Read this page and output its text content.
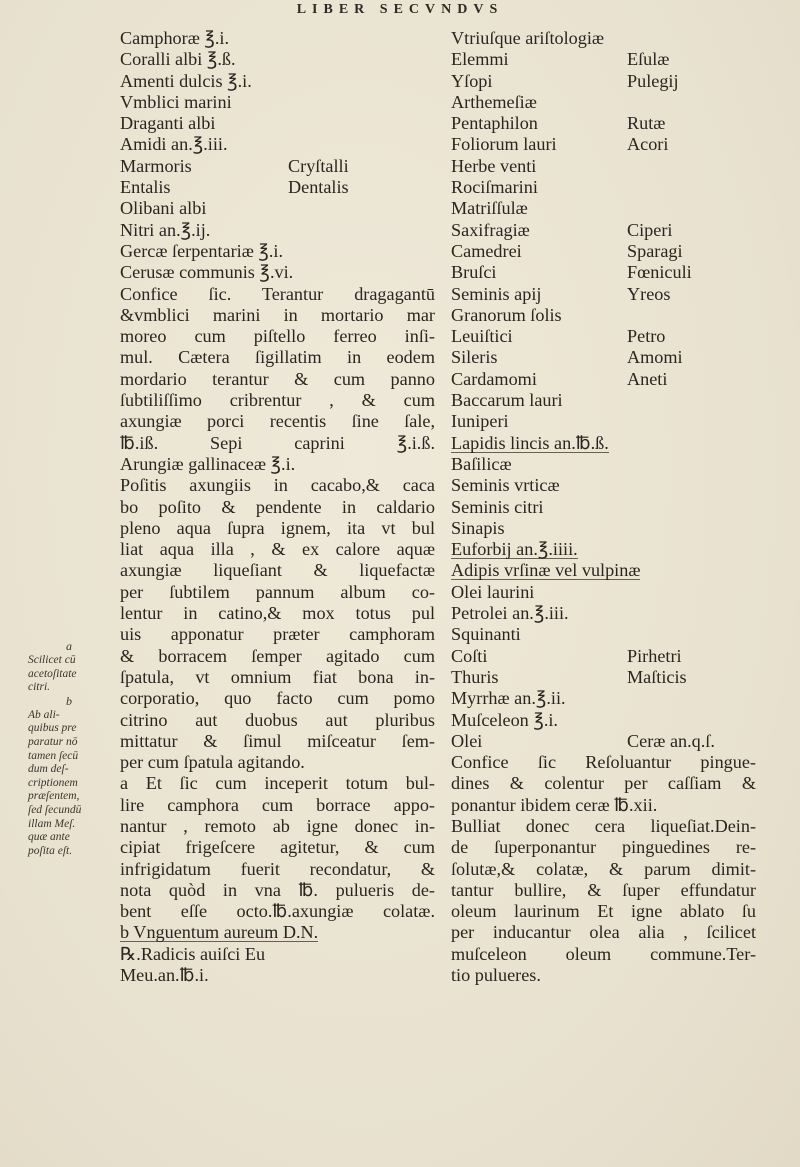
LIBER SECVNDVS
Camphoræ ℥.i.
Coralli albi ℥.ß.
Amenti dulcis ℥.i.
Vmblici marini
Draganti albi
Amidi an.℥.iii.
Marmoris	Cryſtalli
Entalis	Dentalis
Olibani albi
Nitri an.℥.ij.
Gercæ ſerpentariæ ℥.i.
Cerusæ communis ℥.vi.
Confice ſic. Terantur dragagantū
&vmblici marini in mortario mar
moreo cum piſtello ferreo inſi-
mul. Cætera ſigillatim in eodem
mordario terantur & cum panno
ſubtiliſſimo cribrentur , & cum
axungiæ porci recentis ſine ſale,
℔.iß. Sepi caprini ℥.i.ß.
Arungiæ gallinaceæ ℥.i.
Poſitis axungiis in cacabo,& caca
bo poſito & pendente in caldario
pleno aqua ſupra ignem, ita vt bul
liat aqua illa , & ex calore aquæ
axungiæ liqueſiant & liquefactæ
per ſubtilem pannum album co-
lentur in catino,& mox totus pul
uis apponatur præter camphoram
& borracem ſemper agitado cum
ſpatula, vt omnium fiat bona in-
corporatio, quo facto cum pomo
citrino aut duobus aut pluribus
mittatur & ſimul miſceatur ſem-
per cum ſpatula agitando.
a Et ſic cum inceperit totum bul-
lire camphora cum borrace appo-
nantur , remoto ab igne donec in-
cipiat frigeſcere agitetur, & cum
infrigidatum fuerit recondatur, &
nota quòd in vna ℔. pulueris de-
bent eſſe octo.℔.axungiæ colatæ.
b Vnguentum aureum D.N.
℞.Radicis auiſci Eu
Meu.an.℔.i.
Vtriuſque ariſtologiæ
Elemmi	Eſulæ
Yſopi	Pulegij
Arthemeſiæ
Pentaphilon	Rutæ
Foliorum lauri	Acori
Herbe venti
Rociſmarini
Matriſſulæ
Saxifragiæ	Ciperi
Camedrei	Sparagi
Bruſci	Fœniculi
Seminis apij	Yreos
Granorum ſolis
Leuiſtici	Petro
Sileris	Amomi
Cardamomi	Aneti
Baccarum lauri
Iuniperi
Lapidis lincis an.℔.ß.
Baſilicæ
Seminis vrticæ
Seminis citri
Sinapis
Euforbij an.℥.iiii.
Adipis vrſinæ vel vulpinæ
Olei laurini
Petrolei an.℥.iii.
Squinanti
Coſti	Pirhetri
Thuris	Maſticis
Myrrhæ an.℥.ii.
Muſceleon ℥.i.
Olei	Ceræ an.q.ſ.
Confice ſic Reſoluantur pingue-
dines & colentur per caſſiam &
ponantur ibidem ceræ ℔.xii.
Bulliat donec cera liqueſiat.Dein-
de ſuperponantur pinguedines re-
ſolutæ,& colatæ, & parum dimit-
tantur bullire, & ſuper effundatur
oleum laurinum Et igne ablato ſu
per inducantur olea alia , ſcilicet
muſceleon oleum commune.Ter-
tio pulueres.
a
Scilicet cū
acetoſitate
citri.
b
Ab ali-
quibus pre
paratur nō
tamen ſecū
dum deſ-
criptionem
præſentem,
ſed ſecundū
illam Meſ.
quæ ante
poſita eſt.
